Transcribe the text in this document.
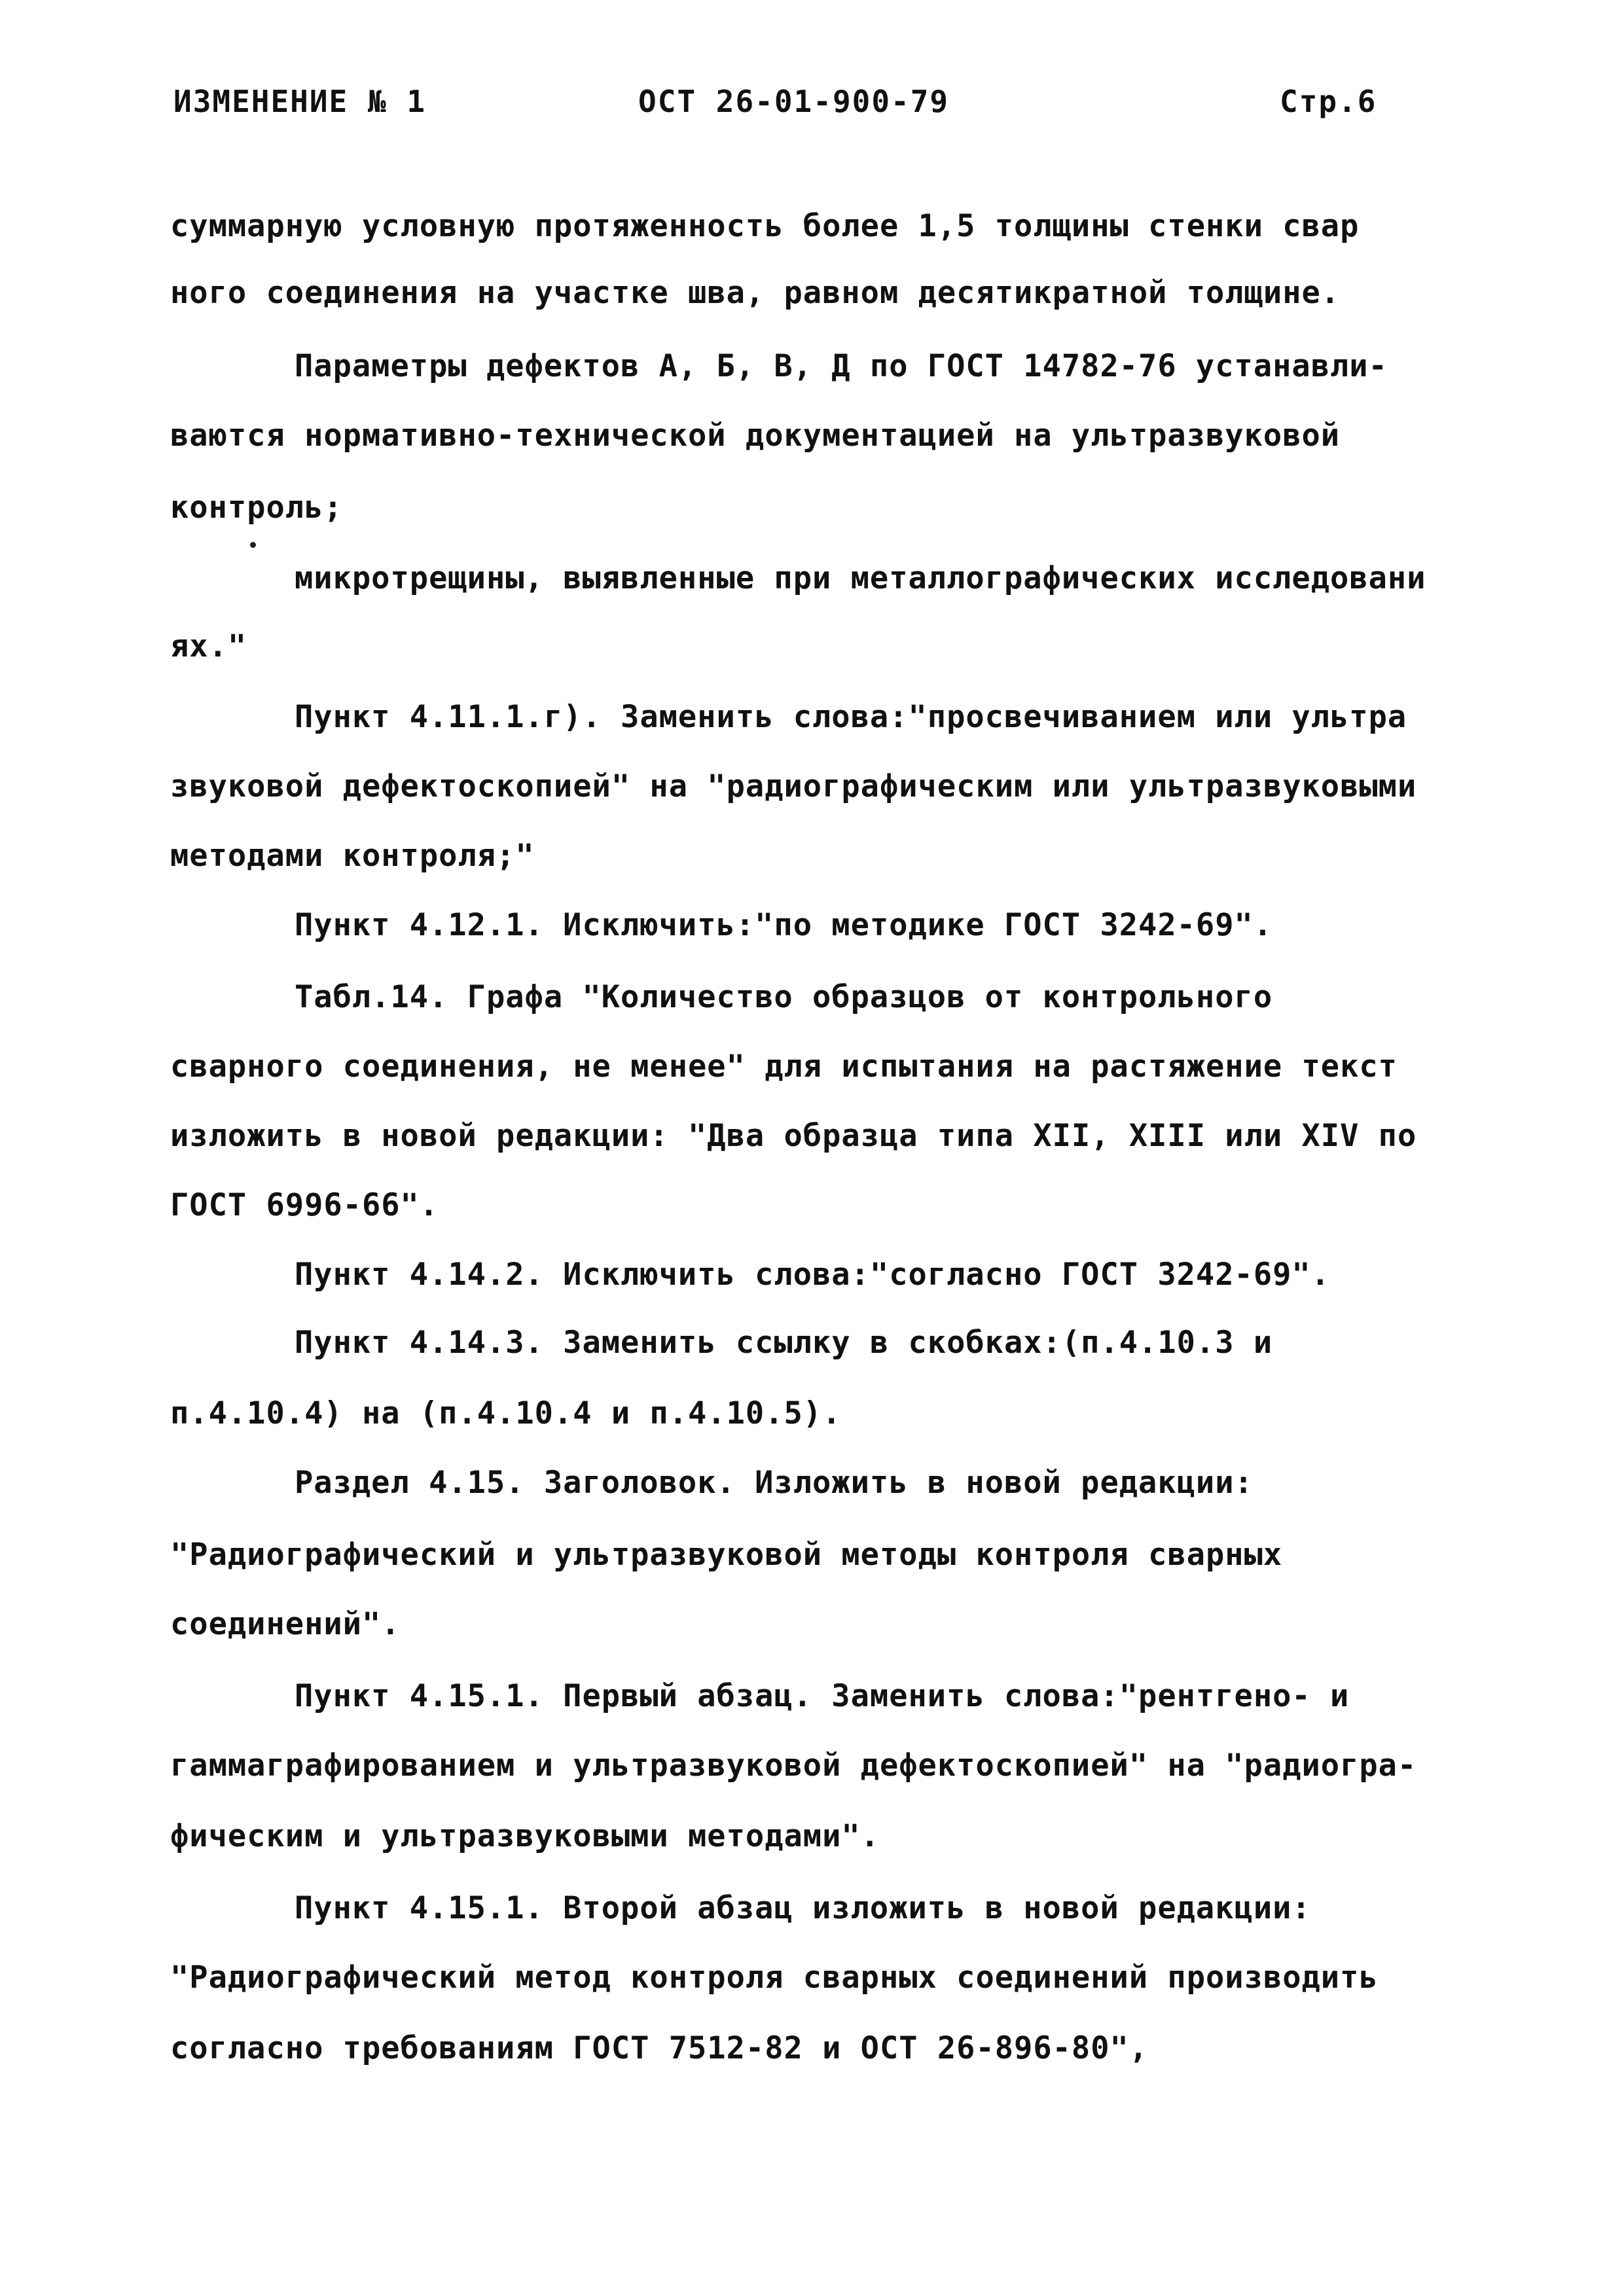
ИЗМЕНЕНИЕ № 1	ОСТ 26-01-900-79	Стр.6
суммарную условную протяженность более 1,5 толщины стенки свар
ного соединения на участке шва, равном десятикратной толщине.
Параметры дефектов А, Б, В, Д по ГОСТ 14782-76 устанавли-
ваются нормативно-технической документацией на ультразвуковой
контроль;
микротрещины, выявленные при металлографических исследовани
ях."
Пункт 4.11.1.г). Заменить слова:"просвечиванием или ультра
звуковой дефектоскопией" на "радиографическим или ультразвуковыми
методами контроля;"
Пункт 4.12.1. Исключить:"по методике ГОСТ 3242-69".
Табл.14. Графа "Количество образцов от контрольного
сварного соединения, не менее" для испытания на растяжение текст
изложить в новой редакции: "Два образца типа XII, XIII или XIV по
ГОСТ 6996-66".
Пункт 4.14.2. Исключить слова:"согласно ГОСТ 3242-69".
Пункт 4.14.3. Заменить ссылку в скобках:(п.4.10.3 и
п.4.10.4) на (п.4.10.4 и п.4.10.5).
Раздел 4.15. Заголовок. Изложить в новой редакции:
"Радиографический и ультразвуковой методы контроля сварных
соединений".
Пункт 4.15.1. Первый абзац. Заменить слова:"рентгено- и
гаммаграфированием и ультразвуковой дефектоскопией" на "радиогра-
фическим и ультразвуковыми методами".
Пункт 4.15.1. Второй абзац изложить в новой редакции:
"Радиографический метод контроля сварных соединений производить
согласно требованиям ГОСТ 7512-82 и ОСТ 26-896-80",
